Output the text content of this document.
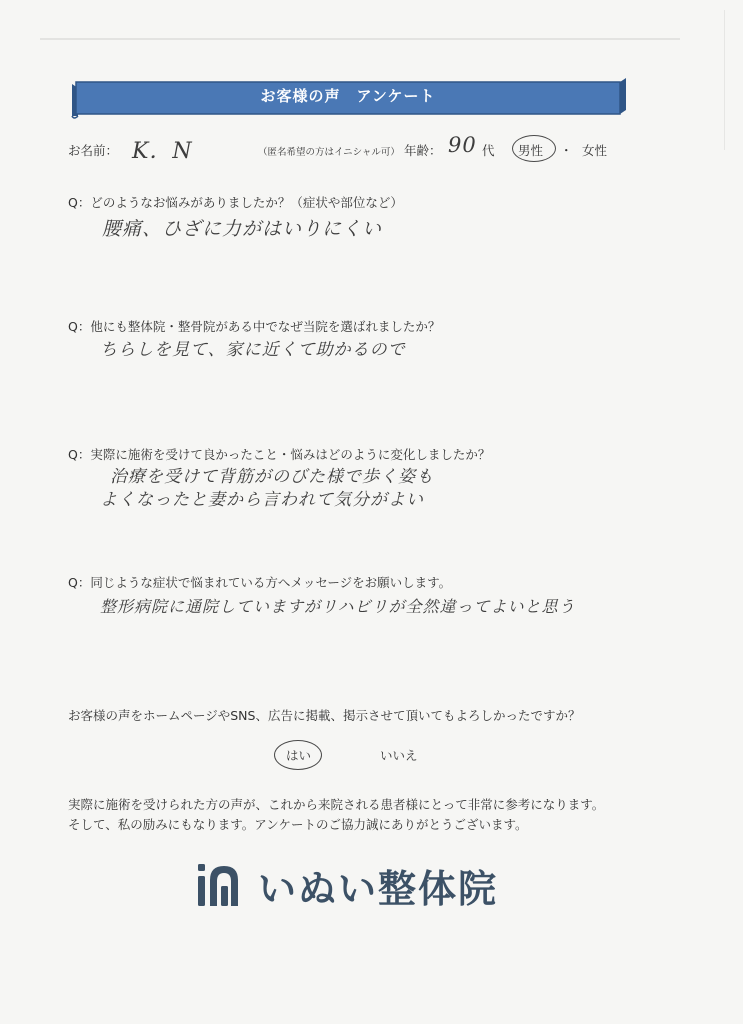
お客様の声　アンケート
お名前： K．N	（匿名希望の方はイニシャル可） 年齢： 90 代 男性 ・ 女性
Q：どのようなお悩みがありましたか？（症状や部位など）
腰痛、ひざに力がはいりにくい
Q：他にも整体院・整骨院がある中でなぜ当院を選ばれましたか？
ちらしを見て、家に近くて助かるので
Q：実際に施術を受けて良かったこと・悩みはどのように変化しましたか？
治療を受けて背筋がのびた様で歩く姿も
よくなったと妻から言われて気分がよい
Q：同じような症状で悩まれている方へメッセージをお願いします。
整形病院に通院していますがリハビリが全然違ってよいと思う
お客様の声をホームページやSNS、広告に掲載、掲示させて頂いてもよろしかったですか？
はい	いいえ
実際に施術を受けられた方の声が、これから来院される患者様にとって非常に参考になります。
そして、私の励みにもなります。アンケートのご協力誠にありがとうございます。
いぬい整体院
